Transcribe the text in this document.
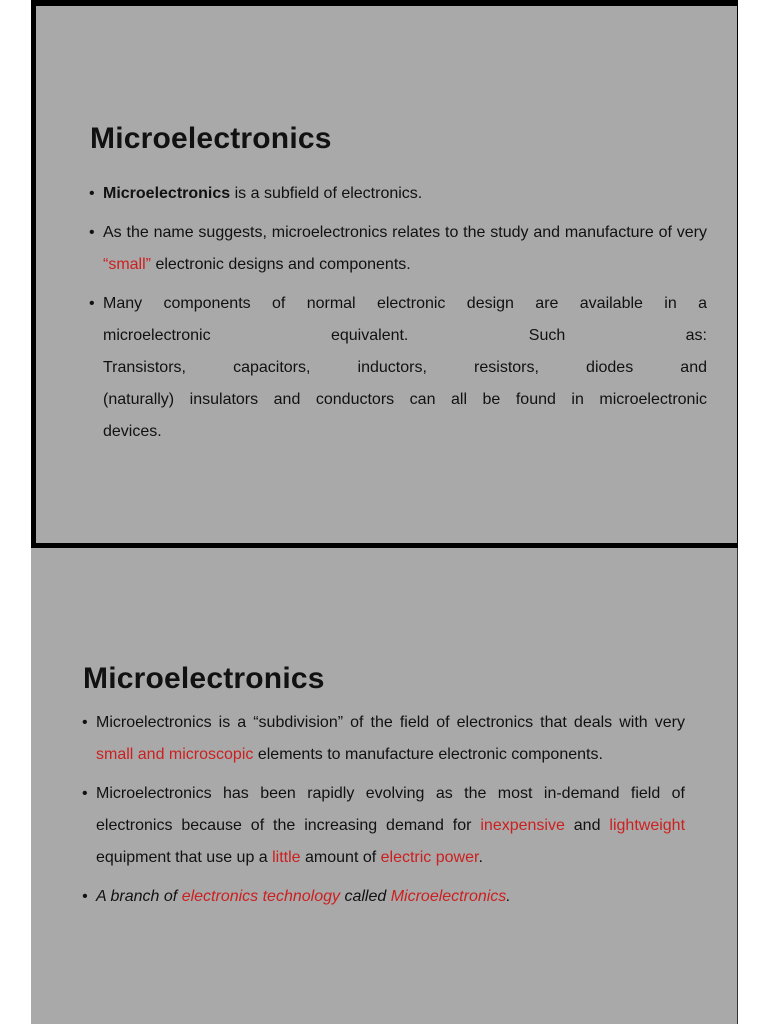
Microelectronics
• Microelectronics is a subfield of electronics.
• As the name suggests, microelectronics relates to the study and manufacture of very “small” electronic designs and components.
• Many components of normal electronic design are available in a
microelectronic equivalent. Such as:
Transistors, capacitors, inductors, resistors, diodes and
(naturally) insulators and conductors can all be found in microelectronic
devices.
Microelectronics
• Microelectronics is a “subdivision” of the field of electronics that deals with very small and microscopic elements to manufacture electronic components.
• Microelectronics has been rapidly evolving as the most in-demand field of electronics because of the increasing demand for inexpensive and lightweight equipment that use up a little amount of electric power.
• A branch of electronics technology called Microelectronics.
